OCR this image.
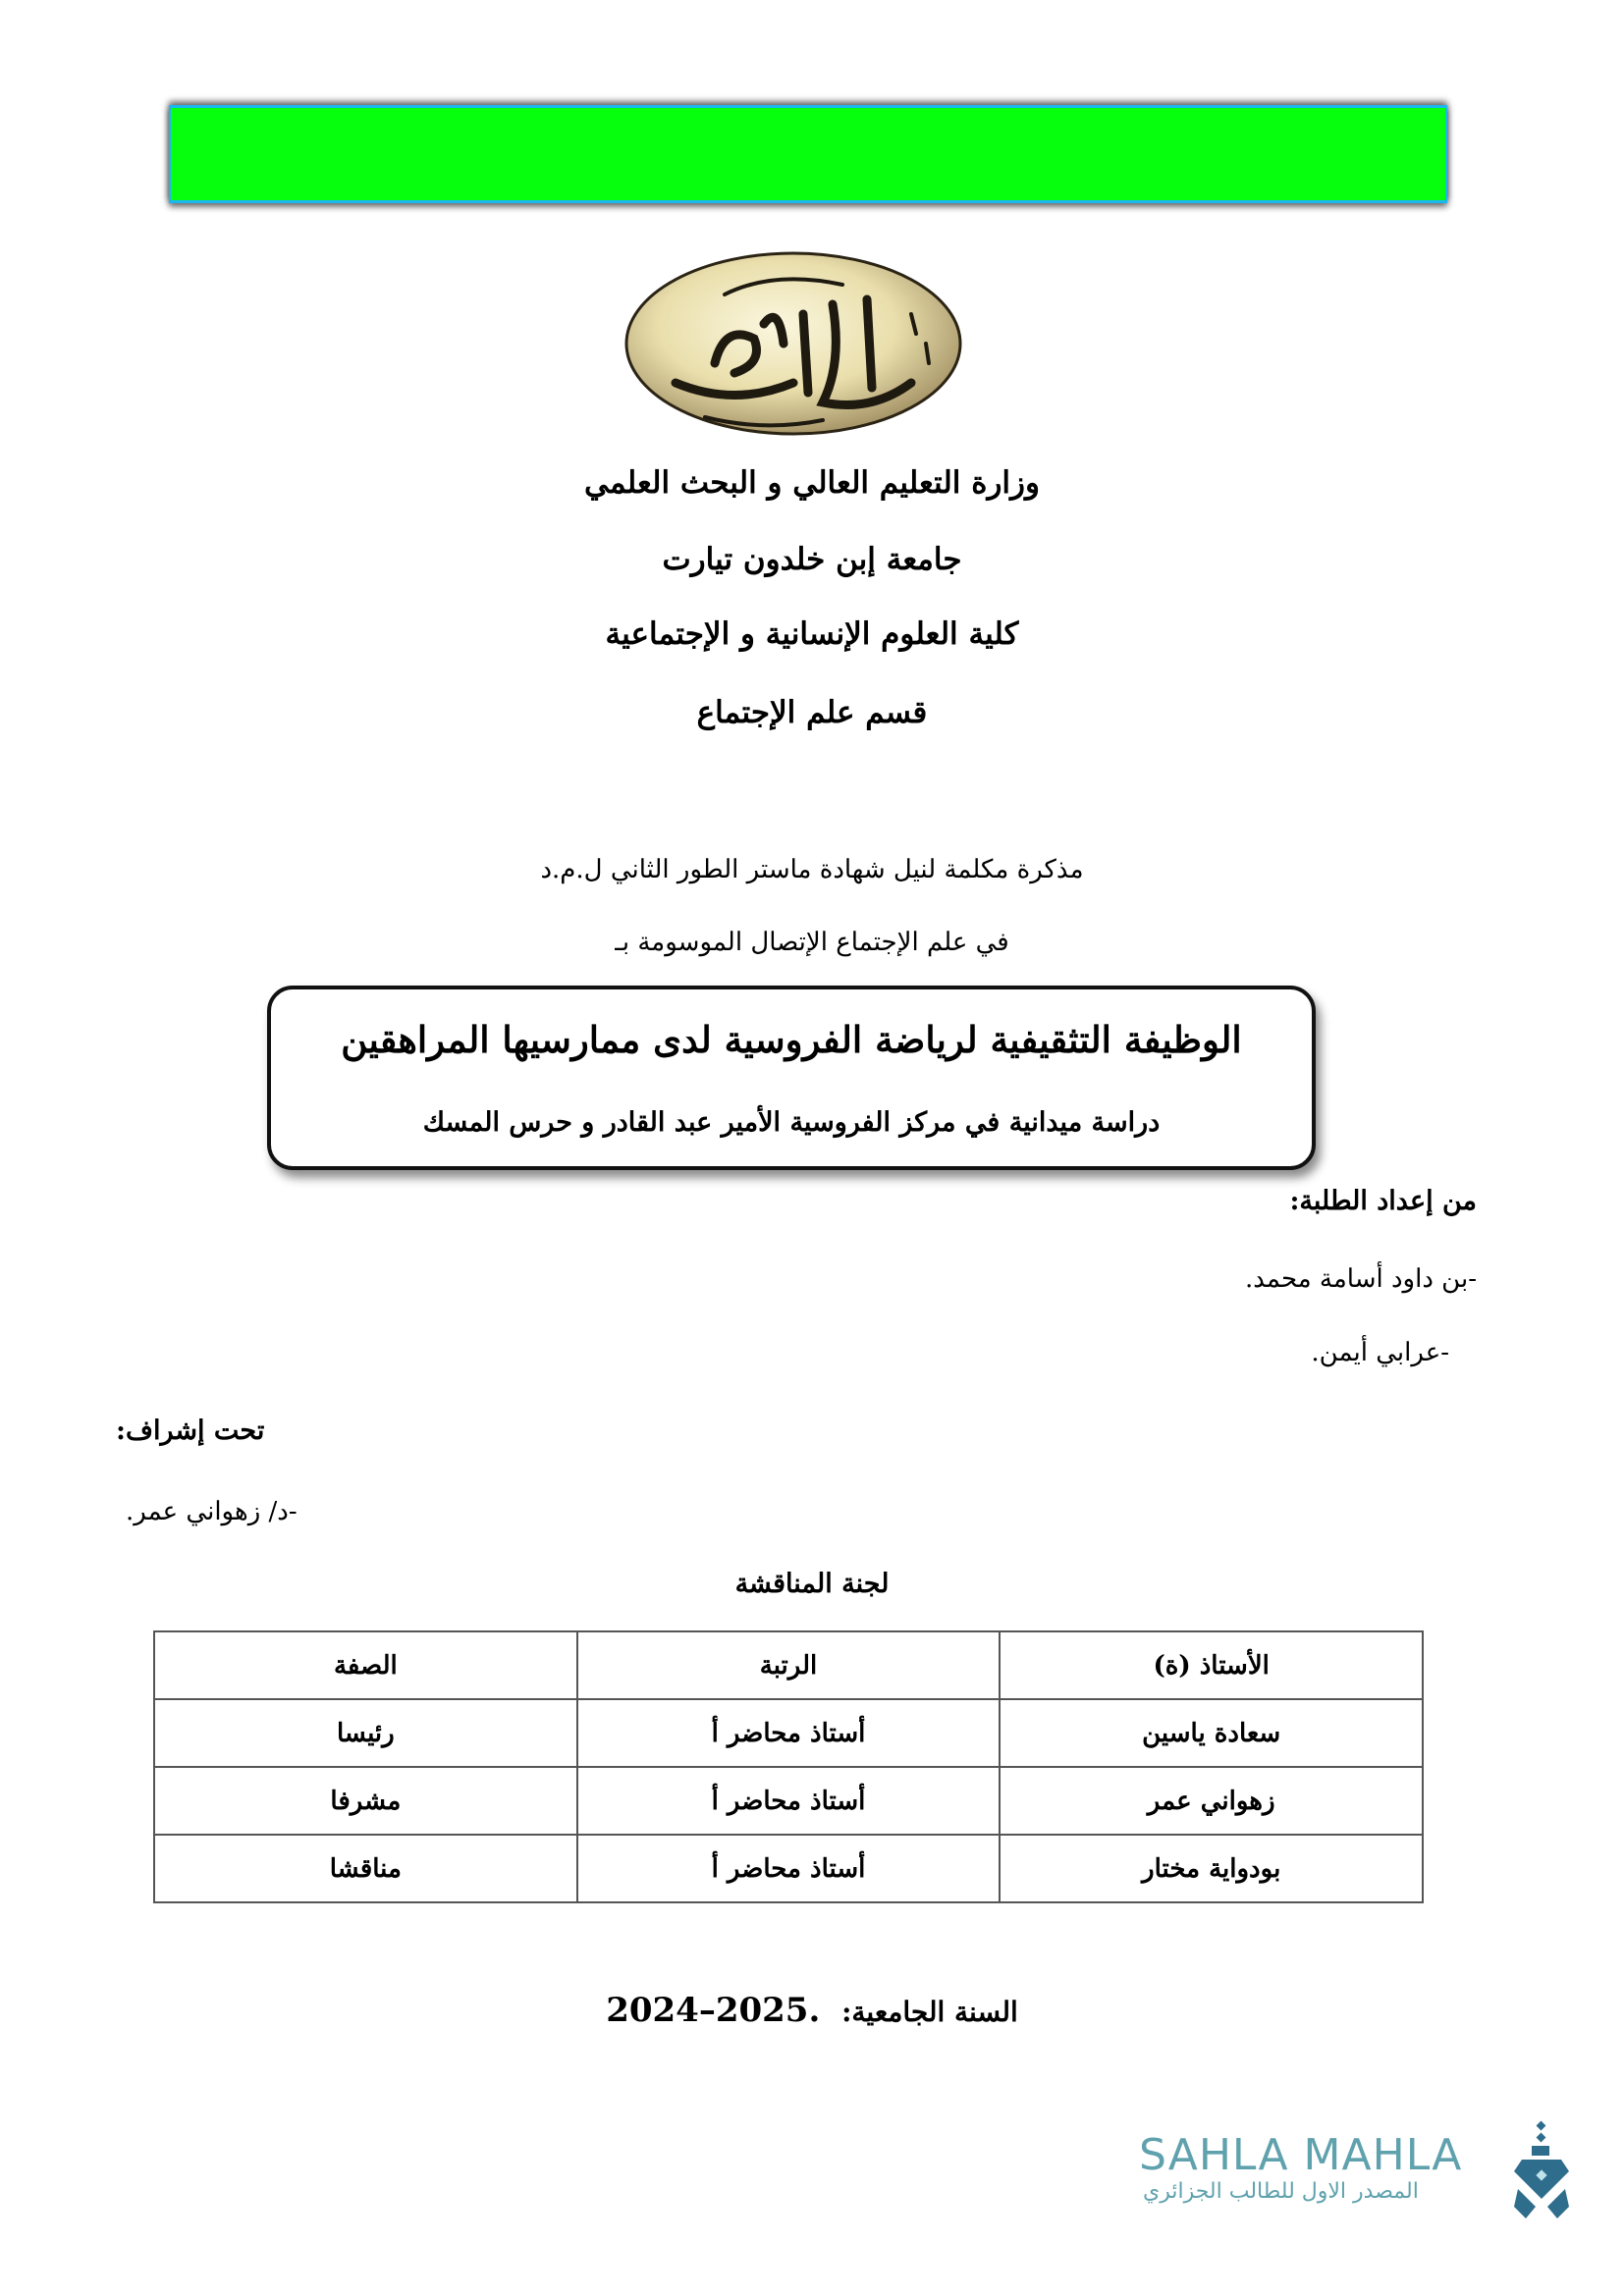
وزارة التعليم العالي و البحث العلمي
جامعة إبن خلدون تيارت
كلية العلوم الإنسانية و الإجتماعية
قسم علم الإجتماع
مذكرة مكلمة لنيل شهادة ماستر الطور الثاني ل.م.د
في علم الإجتماع الإتصال الموسومة بـ
الوظيفة التثقيفية لرياضة الفروسية لدى ممارسيها المراهقين
دراسة ميدانية في مركز الفروسية الأمير عبد القادر و حرس المسك
من إعداد الطلبة:
-بن داود أسامة محمد.
-عرابي أيمن.
تحت إشراف:
-د/ زهواني عمر.
لجنة المناقشة
الأستاذ (ة)	الرتبة	الصفة
سعادة ياسين	أستاذ محاضر أ	رئيسا
زهواني عمر	أستاذ محاضر أ	مشرفا
بودواية مختار	أستاذ محاضر أ	مناقشا
السنة الجامعية: 2024–2025.
SAHLA MAHLA
المصدر الاول للطالب الجزائري
